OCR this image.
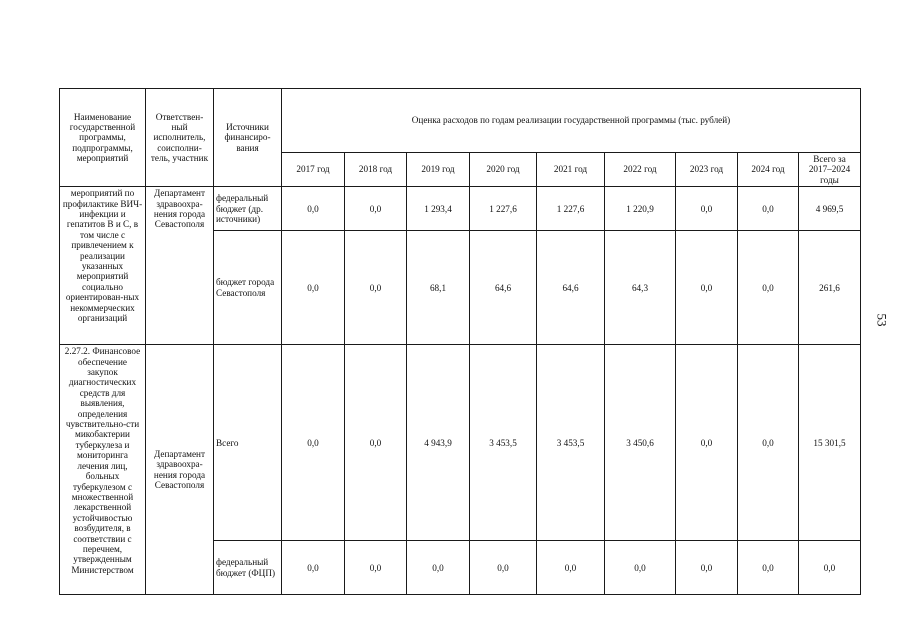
Наименование государственной программы, подпрограммы, мероприятий	Ответствен-ный исполнитель, соисполни-тель, участник	Источники финансиро-вания	Оценка расходов по годам реализации государственной программы (тыс. рублей)								
			2017 год	2018 год	2019 год	2020 год	2021 год	2022 год	2023 год	2024 год	Всего за 2017–2024 годы
мероприятий по профилактике ВИЧ-инфекции и гепатитов В и С, в том числе с привлечением к реализации указанных мероприятий социально ориентирован-ных некоммерческих организаций	Департамент здравоохра-нения города Севастополя	федеральный бюджет (др. источники)	0,0	0,0	1 293,4	1 227,6	1 227,6	1 220,9	0,0	0,0	4 969,5
		бюджет города Севастополя	0,0	0,0	68,1	64,6	64,6	64,3	0,0	0,0	261,6
2.27.2. Финансовое обеспечение закупок диагностических средств для выявления, определения чувствительно-сти микобактерии туберкулеза и мониторинга лечения лиц, больных туберкулезом с множественной лекарственной устойчивостью возбудителя, в соответствии с перечнем, утвержденным Министерством	Департамент здравоохра-нения города Севастополя	Всего	0,0	0,0	4 943,9	3 453,5	3 453,5	3 450,6	0,0	0,0	15 301,5
		федеральный бюджет (ФЦП)	0,0	0,0	0,0	0,0	0,0	0,0	0,0	0,0	0,0
53
